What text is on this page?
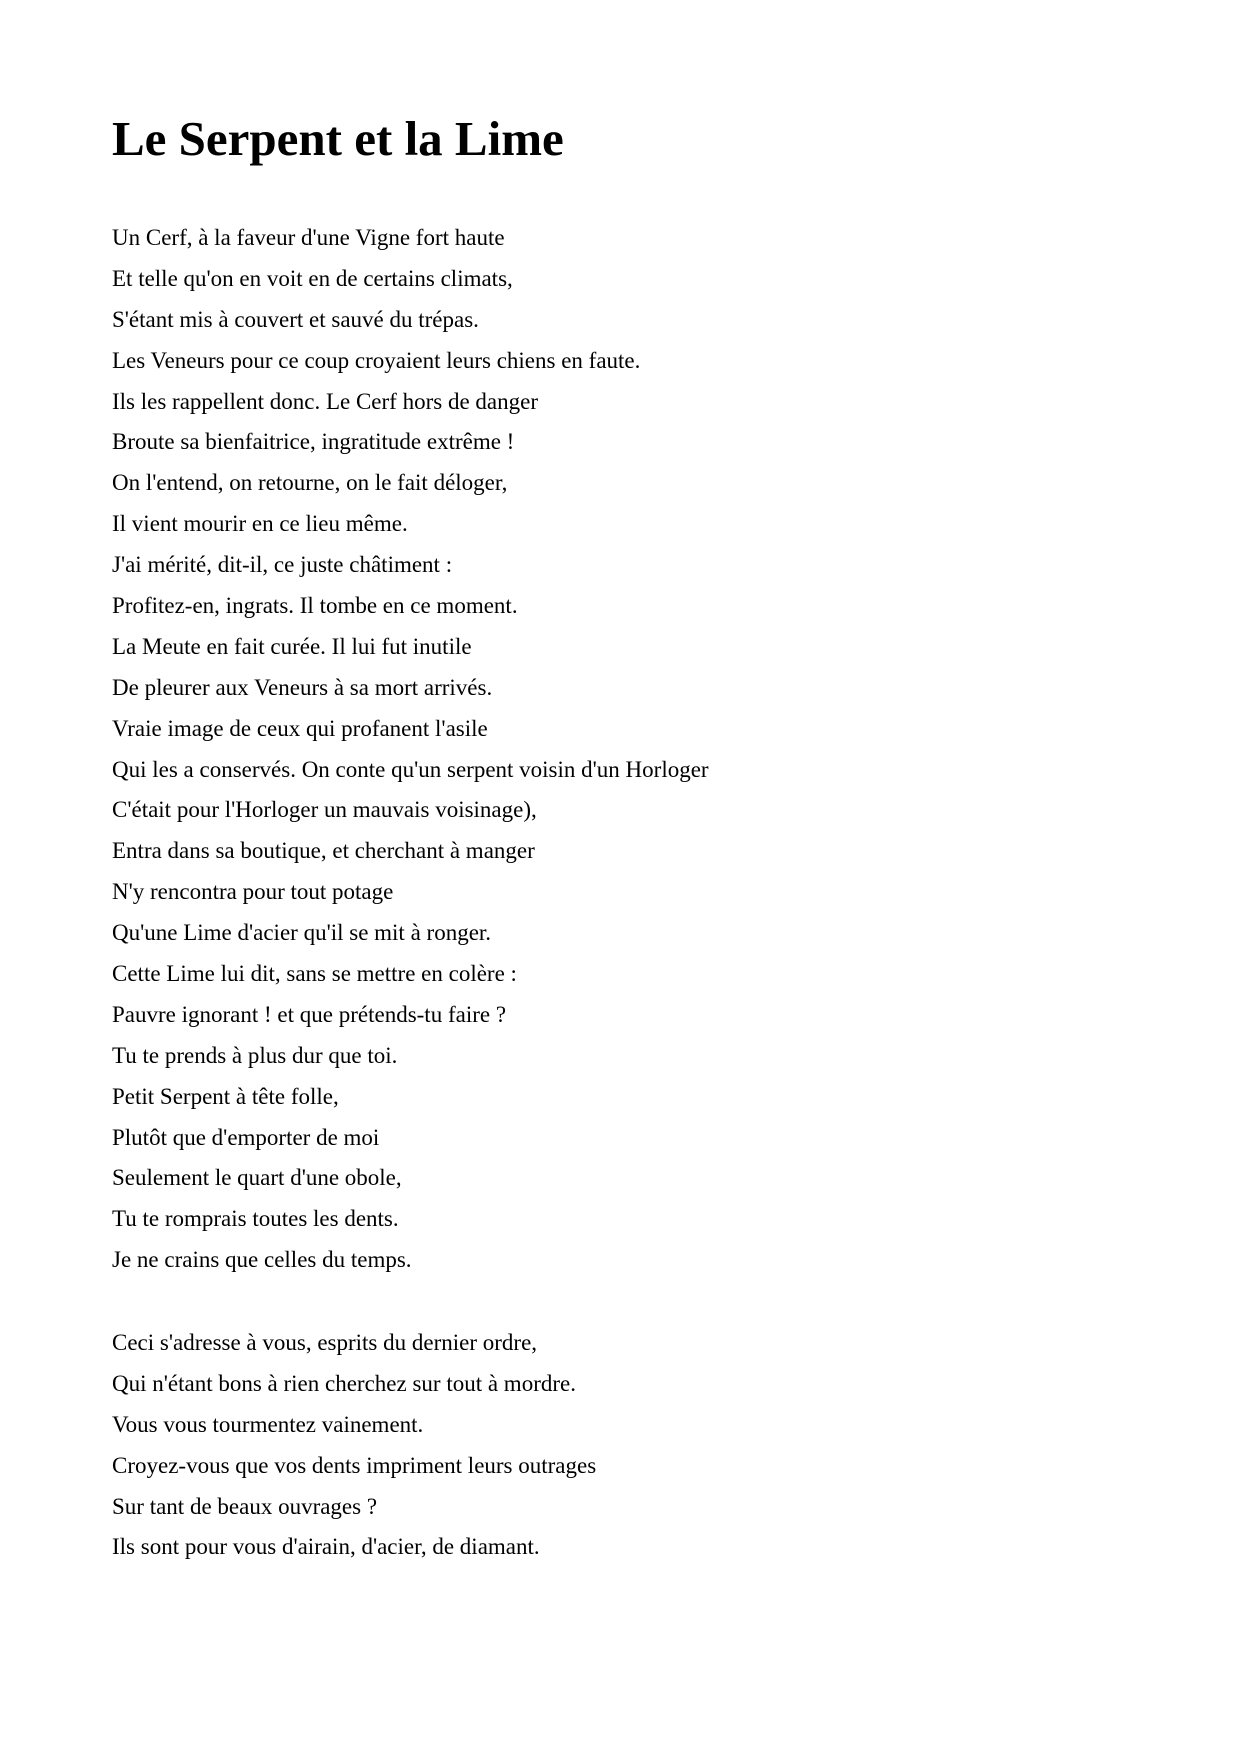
Le Serpent et la Lime
Un Cerf, à la faveur d'une Vigne fort haute
Et telle qu'on en voit en de certains climats,
S'étant mis à couvert et sauvé du trépas.
Les Veneurs pour ce coup croyaient leurs chiens en faute.
Ils les rappellent donc. Le Cerf hors de danger
Broute sa bienfaitrice, ingratitude extrême !
On l'entend, on retourne, on le fait déloger,
Il vient mourir en ce lieu même.
J'ai mérité, dit-il, ce juste châtiment :
Profitez-en, ingrats. Il tombe en ce moment.
La Meute en fait curée. Il lui fut inutile
De pleurer aux Veneurs à sa mort arrivés.
Vraie image de ceux qui profanent l'asile
Qui les a conservés. On conte qu'un serpent voisin d'un Horloger
C'était pour l'Horloger un mauvais voisinage),
Entra dans sa boutique, et cherchant à manger
N'y rencontra pour tout potage
Qu'une Lime d'acier qu'il se mit à ronger.
Cette Lime lui dit, sans se mettre en colère :
Pauvre ignorant ! et que prétends-tu faire ?
Tu te prends à plus dur que toi.
Petit Serpent à tête folle,
Plutôt que d'emporter de moi
Seulement le quart d'une obole,
Tu te romprais toutes les dents.
Je ne crains que celles du temps.
Ceci s'adresse à vous, esprits du dernier ordre,
Qui n'étant bons à rien cherchez sur tout à mordre.
Vous vous tourmentez vainement.
Croyez-vous que vos dents impriment leurs outrages
Sur tant de beaux ouvrages ?
Ils sont pour vous d'airain, d'acier, de diamant.
